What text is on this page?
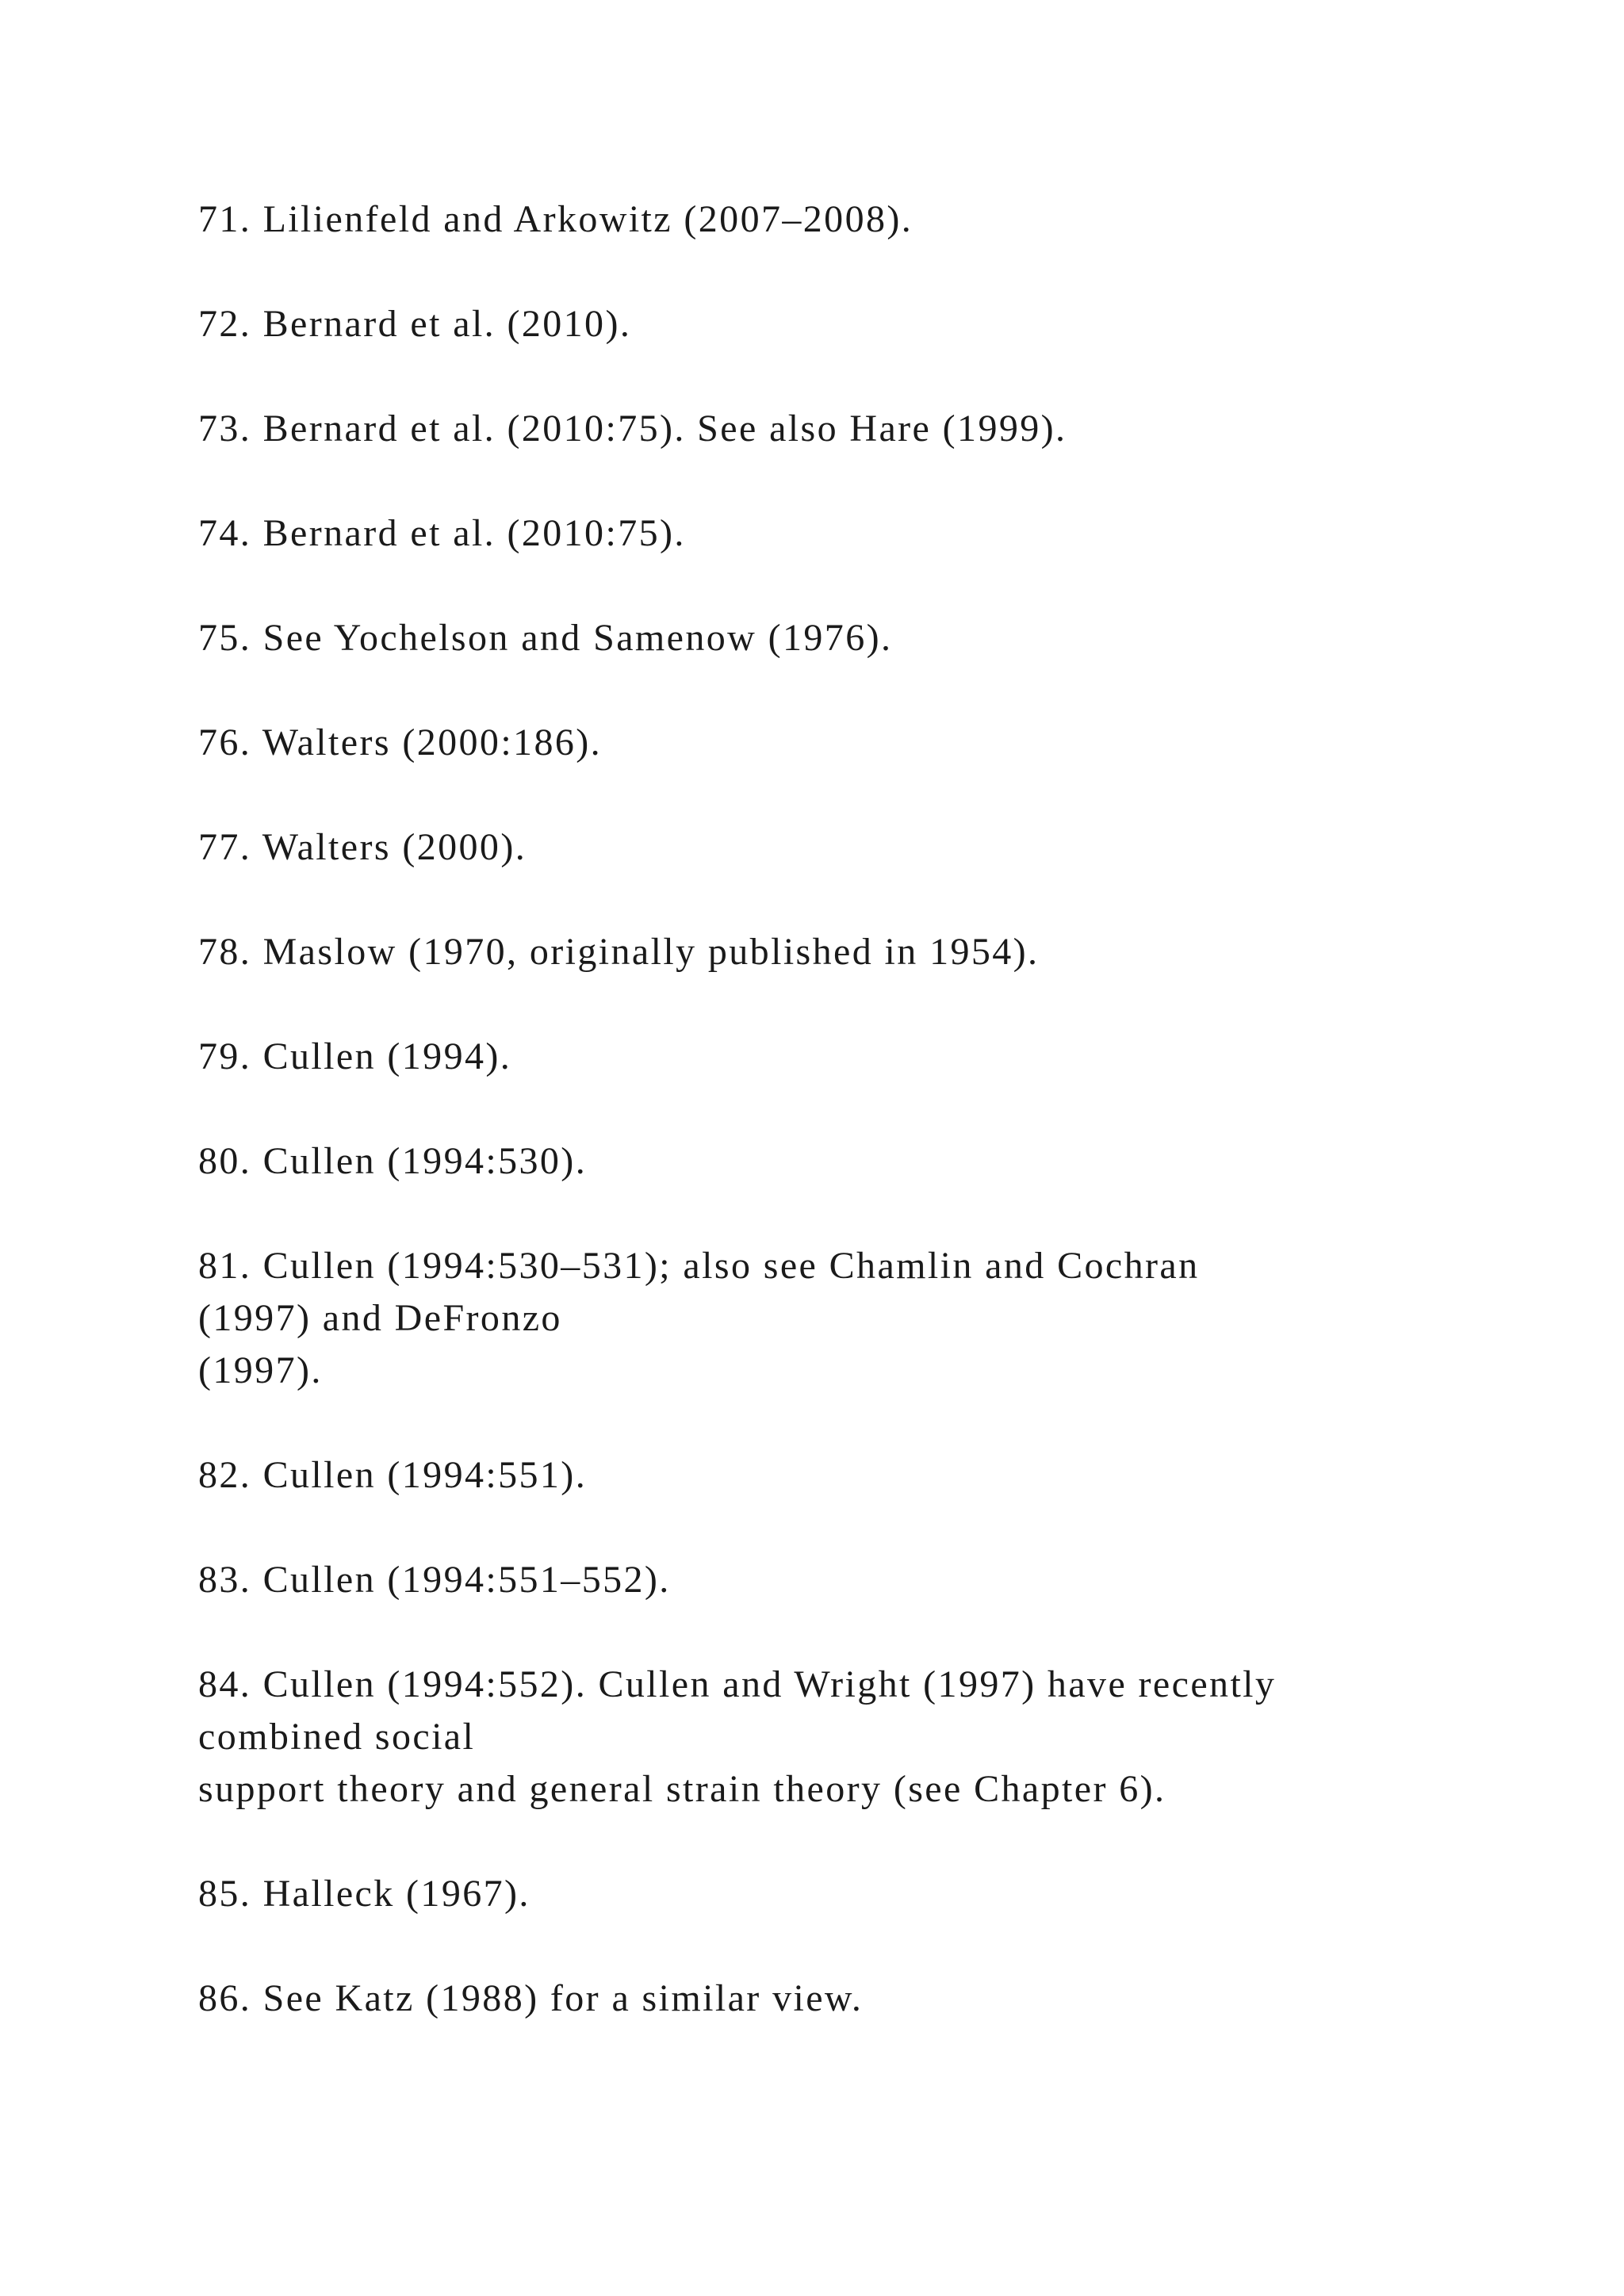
71. Lilienfeld and Arkowitz (2007–2008).
72. Bernard et al. (2010).
73. Bernard et al. (2010:75). See also Hare (1999).
74. Bernard et al. (2010:75).
75. See Yochelson and Samenow (1976).
76. Walters (2000:186).
77. Walters (2000).
78. Maslow (1970, originally published in 1954).
79. Cullen (1994).
80. Cullen (1994:530).
81. Cullen (1994:530–531); also see Chamlin and Cochran
(1997) and DeFronzo
(1997).
82. Cullen (1994:551).
83. Cullen (1994:551–552).
84. Cullen (1994:552). Cullen and Wright (1997) have recently
combined social
support theory and general strain theory (see Chapter 6).
85. Halleck (1967).
86. See Katz (1988) for a similar view.
